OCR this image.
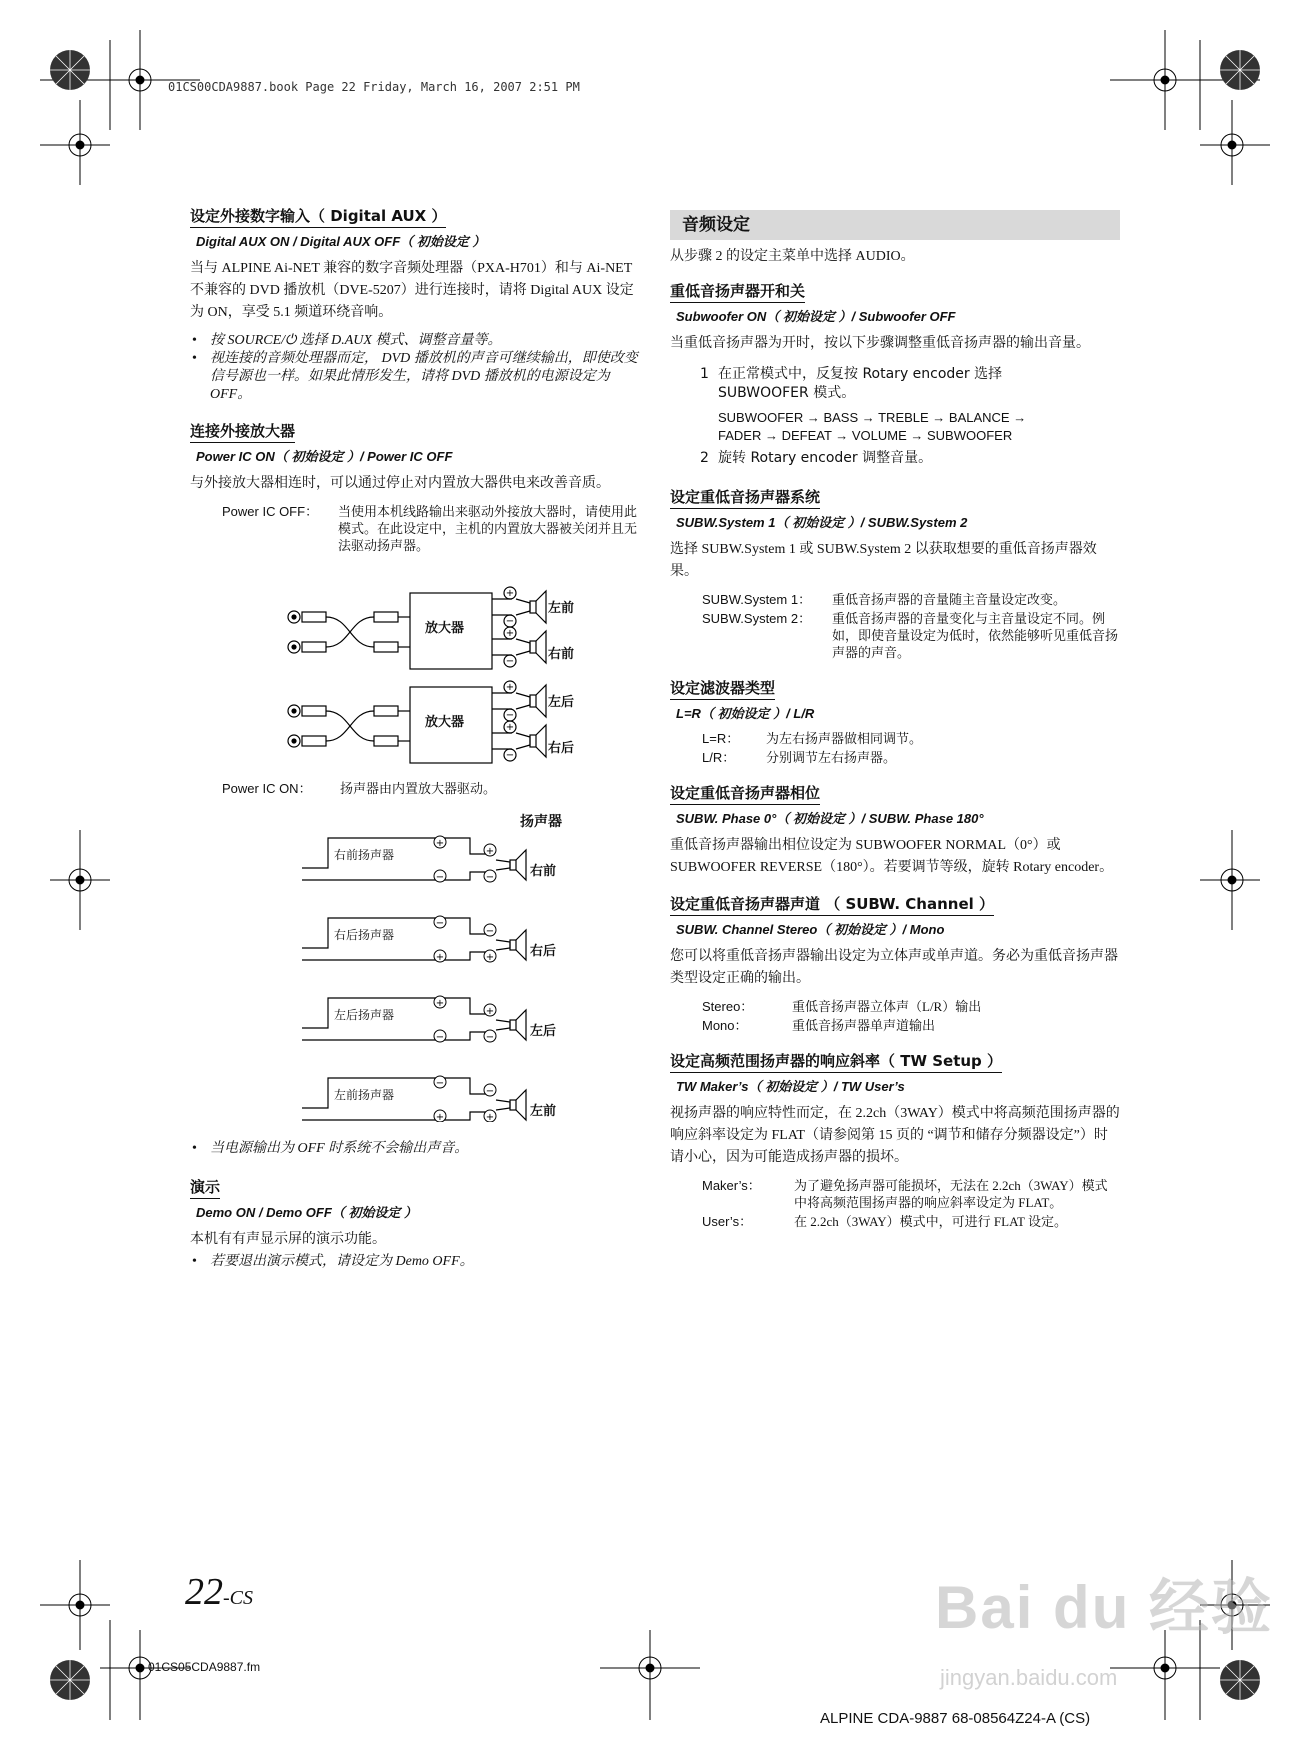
01CS00CDA9887.book Page 22 Friday, March 16, 2007 2:51 PM
设定外接数字输入（ Digital AUX ）
Digital AUX ON / Digital AUX OFF（ 初始设定 ）

当与 ALPINE Ai-NET 兼容的数字音频处理器（PXA-H701）和与 Ai-NET 不兼容的 DVD 播放机（DVE-5207）进行连接时，请将 Digital AUX 设定为 ON，享受 5.1 频道环绕音响。

• 按 SOURCE/⏻ 选择 D.AUX 模式、调整音量等。

• 视连接的音频处理器而定， DVD 播放机的声音可继续输出，即使改变信号源也一样。如果此情形发生，请将 DVD 播放机的电源设定为 OFF。

连接外接放大器
Power IC ON（ 初始设定 ）/ Power IC OFF

与外接放大器相连时，可以通过停止对内置放大器供电来改善音质。

Power IC OFF：	当使用本机线路输出来驱动外接放大器时，请使用此模式。在此设定中，主机的内置放大器被关闭并且无法驱动扬声器。
+
−
+
−
+
−
+
−
放大器
放大器
左前
右前
左后
右后
Power IC ON：	扬声器由内置放大器驱动。
扬声器
+
−
+
−
−
+
−
+
+
−
+
−
−
+
−
+
右前扬声器
右后扬声器
左后扬声器
左前扬声器
右前
右后
左后
左前

• 当电源输出为 OFF 时系统不会输出声音。

演示
Demo ON / Demo OFF（ 初始设定 ）

本机有有声显示屏的演示功能。

• 若要退出演示模式，请设定为 Demo OFF。

22-CS
音频设定

从步骤 2 的设定主菜单中选择 AUDIO。

重低音扬声器开和关
Subwoofer ON（ 初始设定 ）/ Subwoofer OFF

当重低音扬声器为开时，按以下步骤调整重低音扬声器的输出音量。

1 在正常模式中，反复按 Rotary encoder 选择 SUBWOOFER 模式。
SUBWOOFER → BASS → TREBLE → BALANCE →
FADER → DEFEAT → VOLUME → SUBWOOFER
2 旋转 Rotary encoder 调整音量。
设定重低音扬声器系统
SUBW.System 1（ 初始设定 ）/ SUBW.System 2

选择 SUBW.System 1 或 SUBW.System 2 以获取想要的重低音扬声器效果。

SUBW.System 1：	重低音扬声器的音量随主音量设定改变。
SUBW.System 2：	重低音扬声器的音量变化与主音量设定不同。例如，即使音量设定为低时，依然能够听见重低音扬声器的声音。
设定滤波器类型
L=R（ 初始设定 ）/ L/R
L=R：	为左右扬声器做相同调节。
L/R：	分别调节左右扬声器。
设定重低音扬声器相位
SUBW. Phase 0°（ 初始设定 ）/ SUBW. Phase 180°

重低音扬声器输出相位设定为 SUBWOOFER NORMAL（0°）或 SUBWOOFER REVERSE（180°）。若要调节等级，旋转 Rotary encoder。

设定重低音扬声器声道 （ SUBW. Channel ）
SUBW. Channel Stereo（ 初始设定 ）/ Mono

您可以将重低音扬声器输出设定为立体声或单声道。务必为重低音扬声器类型设定正确的输出。

Stereo：	重低音扬声器立体声（L/R）输出
Mono：	重低音扬声器单声道输出
设定高频范围扬声器的响应斜率（ TW Setup ）
TW Maker’s（ 初始设定 ）/ TW User’s

视扬声器的响应特性而定，在 2.2ch（3WAY）模式中将高频范围扬声器的响应斜率设定为 FLAT（请参阅第 15 页的 “调节和储存分频器设定”）时请小心，因为可能造成扬声器的损坏。

Maker’s：	为了避免扬声器可能损坏，无法在 2.2ch（3WAY）模式中将高频范围扬声器的响应斜率设定为 FLAT。
User’s：	在 2.2ch（3WAY）模式中，可进行 FLAT 设定。
01CS05CDA9887.fm
ALPINE CDA-9887 68-08564Z24-A (CS)
Bai du 经验
jingyan.baidu.com
